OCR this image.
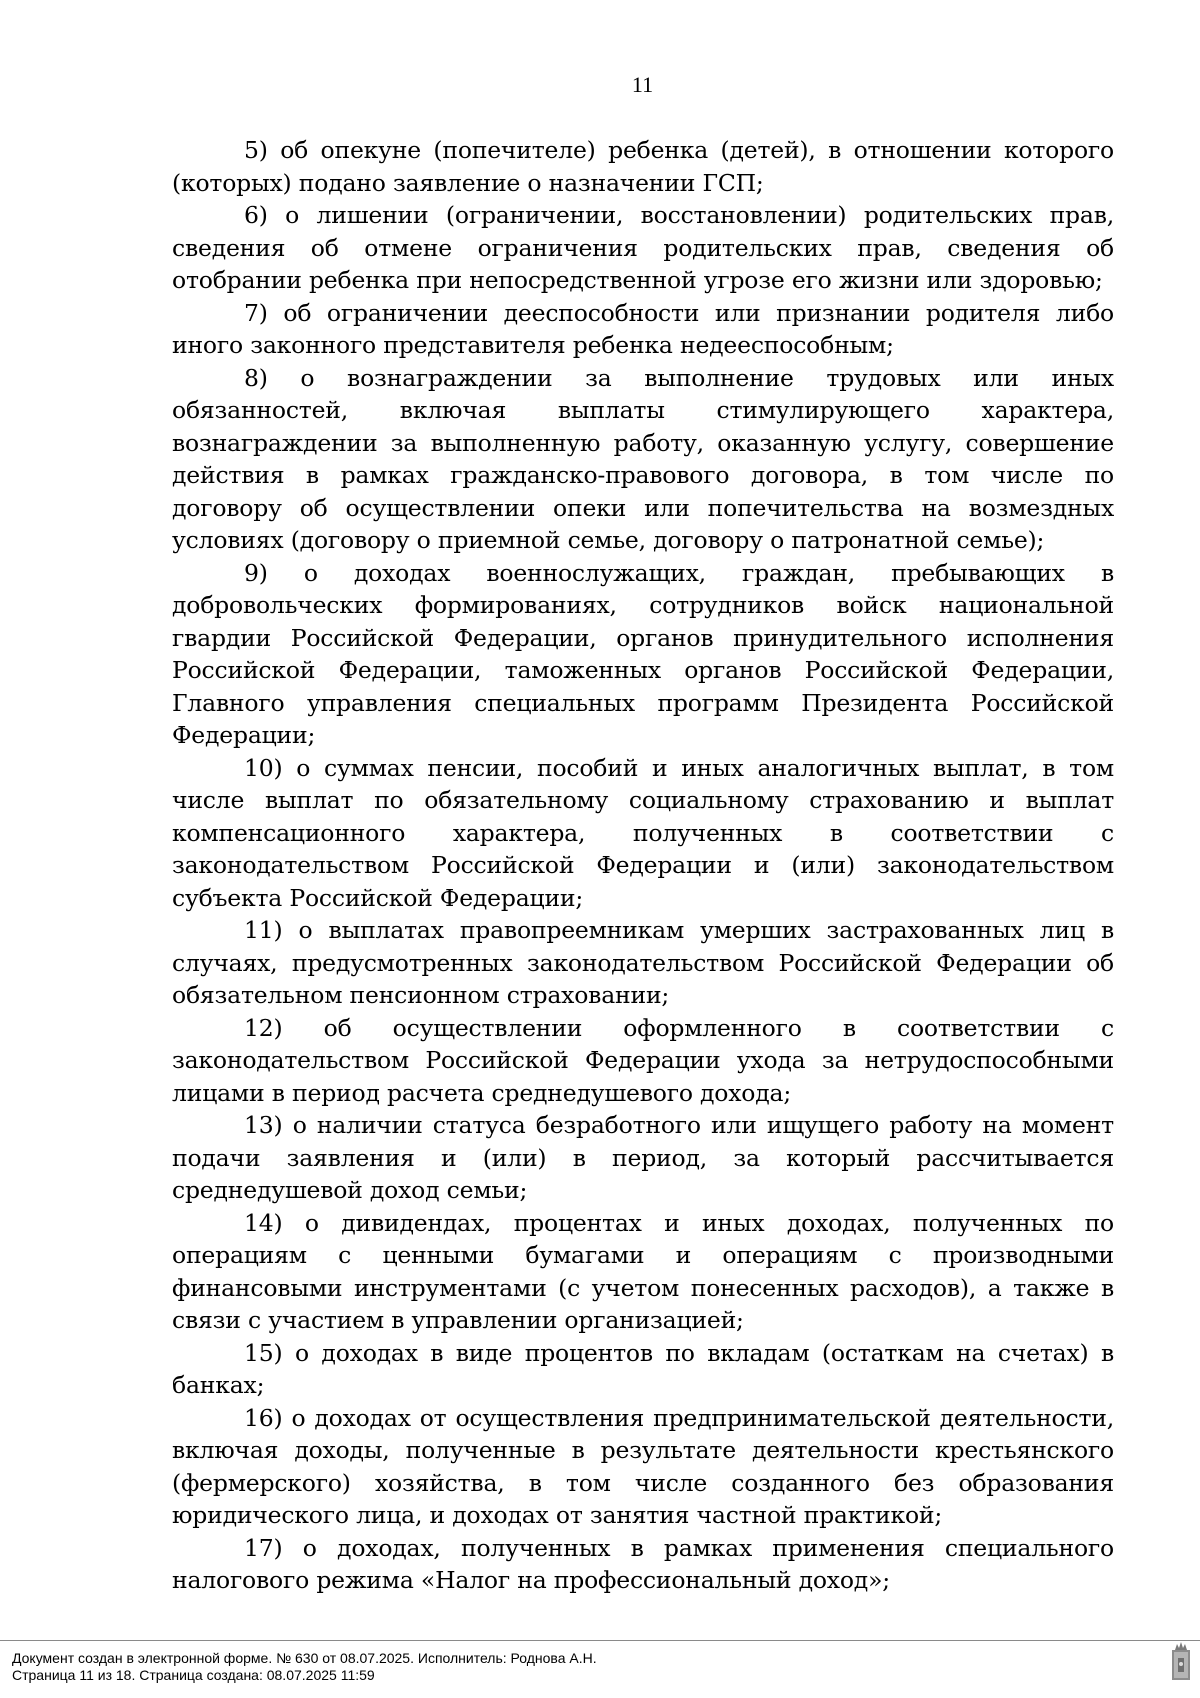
11

5) об опекуне (попечителе) ребенка (детей), в отношении которого (которых) подано заявление о назначении ГСП;

6) о лишении (ограничении, восстановлении) родительских прав, сведения об отмене ограничения родительских прав, сведения об отобрании ребенка при непосредственной угрозе его жизни или здоровью;

7) об ограничении дееспособности или признании родителя либо иного законного представителя ребенка недееспособным;

8) о вознаграждении за выполнение трудовых или иных обязанностей, включая выплаты стимулирующего характера, вознаграждении за выполненную работу, оказанную услугу, совершение действия в рамках гражданско-правового договора, в том числе по договору об осуществлении опеки или попечительства на возмездных условиях (договору о приемной семье, договору о патронатной семье);

9) о доходах военнослужащих, граждан, пребывающих в добровольческих формированиях, сотрудников войск национальной гвардии Российской Федерации, органов принудительного исполнения Российской Федерации, таможенных органов Российской Федерации, Главного управления специальных программ Президента Российской Федерации;

10) о суммах пенсии, пособий и иных аналогичных выплат, в том числе выплат по обязательному социальному страхованию и выплат компенсационного характера, полученных в соответствии с законодательством Российской Федерации и (или) законодательством субъекта Российской Федерации;

11) о выплатах правопреемникам умерших застрахованных лиц в случаях, предусмотренных законодательством Российской Федерации об обязательном пенсионном страховании;

12) об осуществлении оформленного в соответствии с законодательством Российской Федерации ухода за нетрудоспособными лицами в период расчета среднедушевого дохода;

13) о наличии статуса безработного или ищущего работу на момент подачи заявления и (или) в период, за который рассчитывается среднедушевой доход семьи;

14) о дивидендах, процентах и иных доходах, полученных по операциям с ценными бумагами и операциям с производными финансовыми инструментами (с учетом понесенных расходов), а также в связи с участием в управлении организацией;

15) о доходах в виде процентов по вкладам (остаткам на счетах) в банках;

16) о доходах от осуществления предпринимательской деятельности, включая доходы, полученные в результате деятельности крестьянского (фермерского) хозяйства, в том числе созданного без образования юридического лица, и доходах от занятия частной практикой;

17) о доходах, полученных в рамках применения специального налогового режима «Налог на профессиональный доход»;

Документ создан в электронной форме. № 630 от 08.07.2025. Исполнитель: Роднова А.Н.
Страница 11 из 18. Страница создана: 08.07.2025 11:59
